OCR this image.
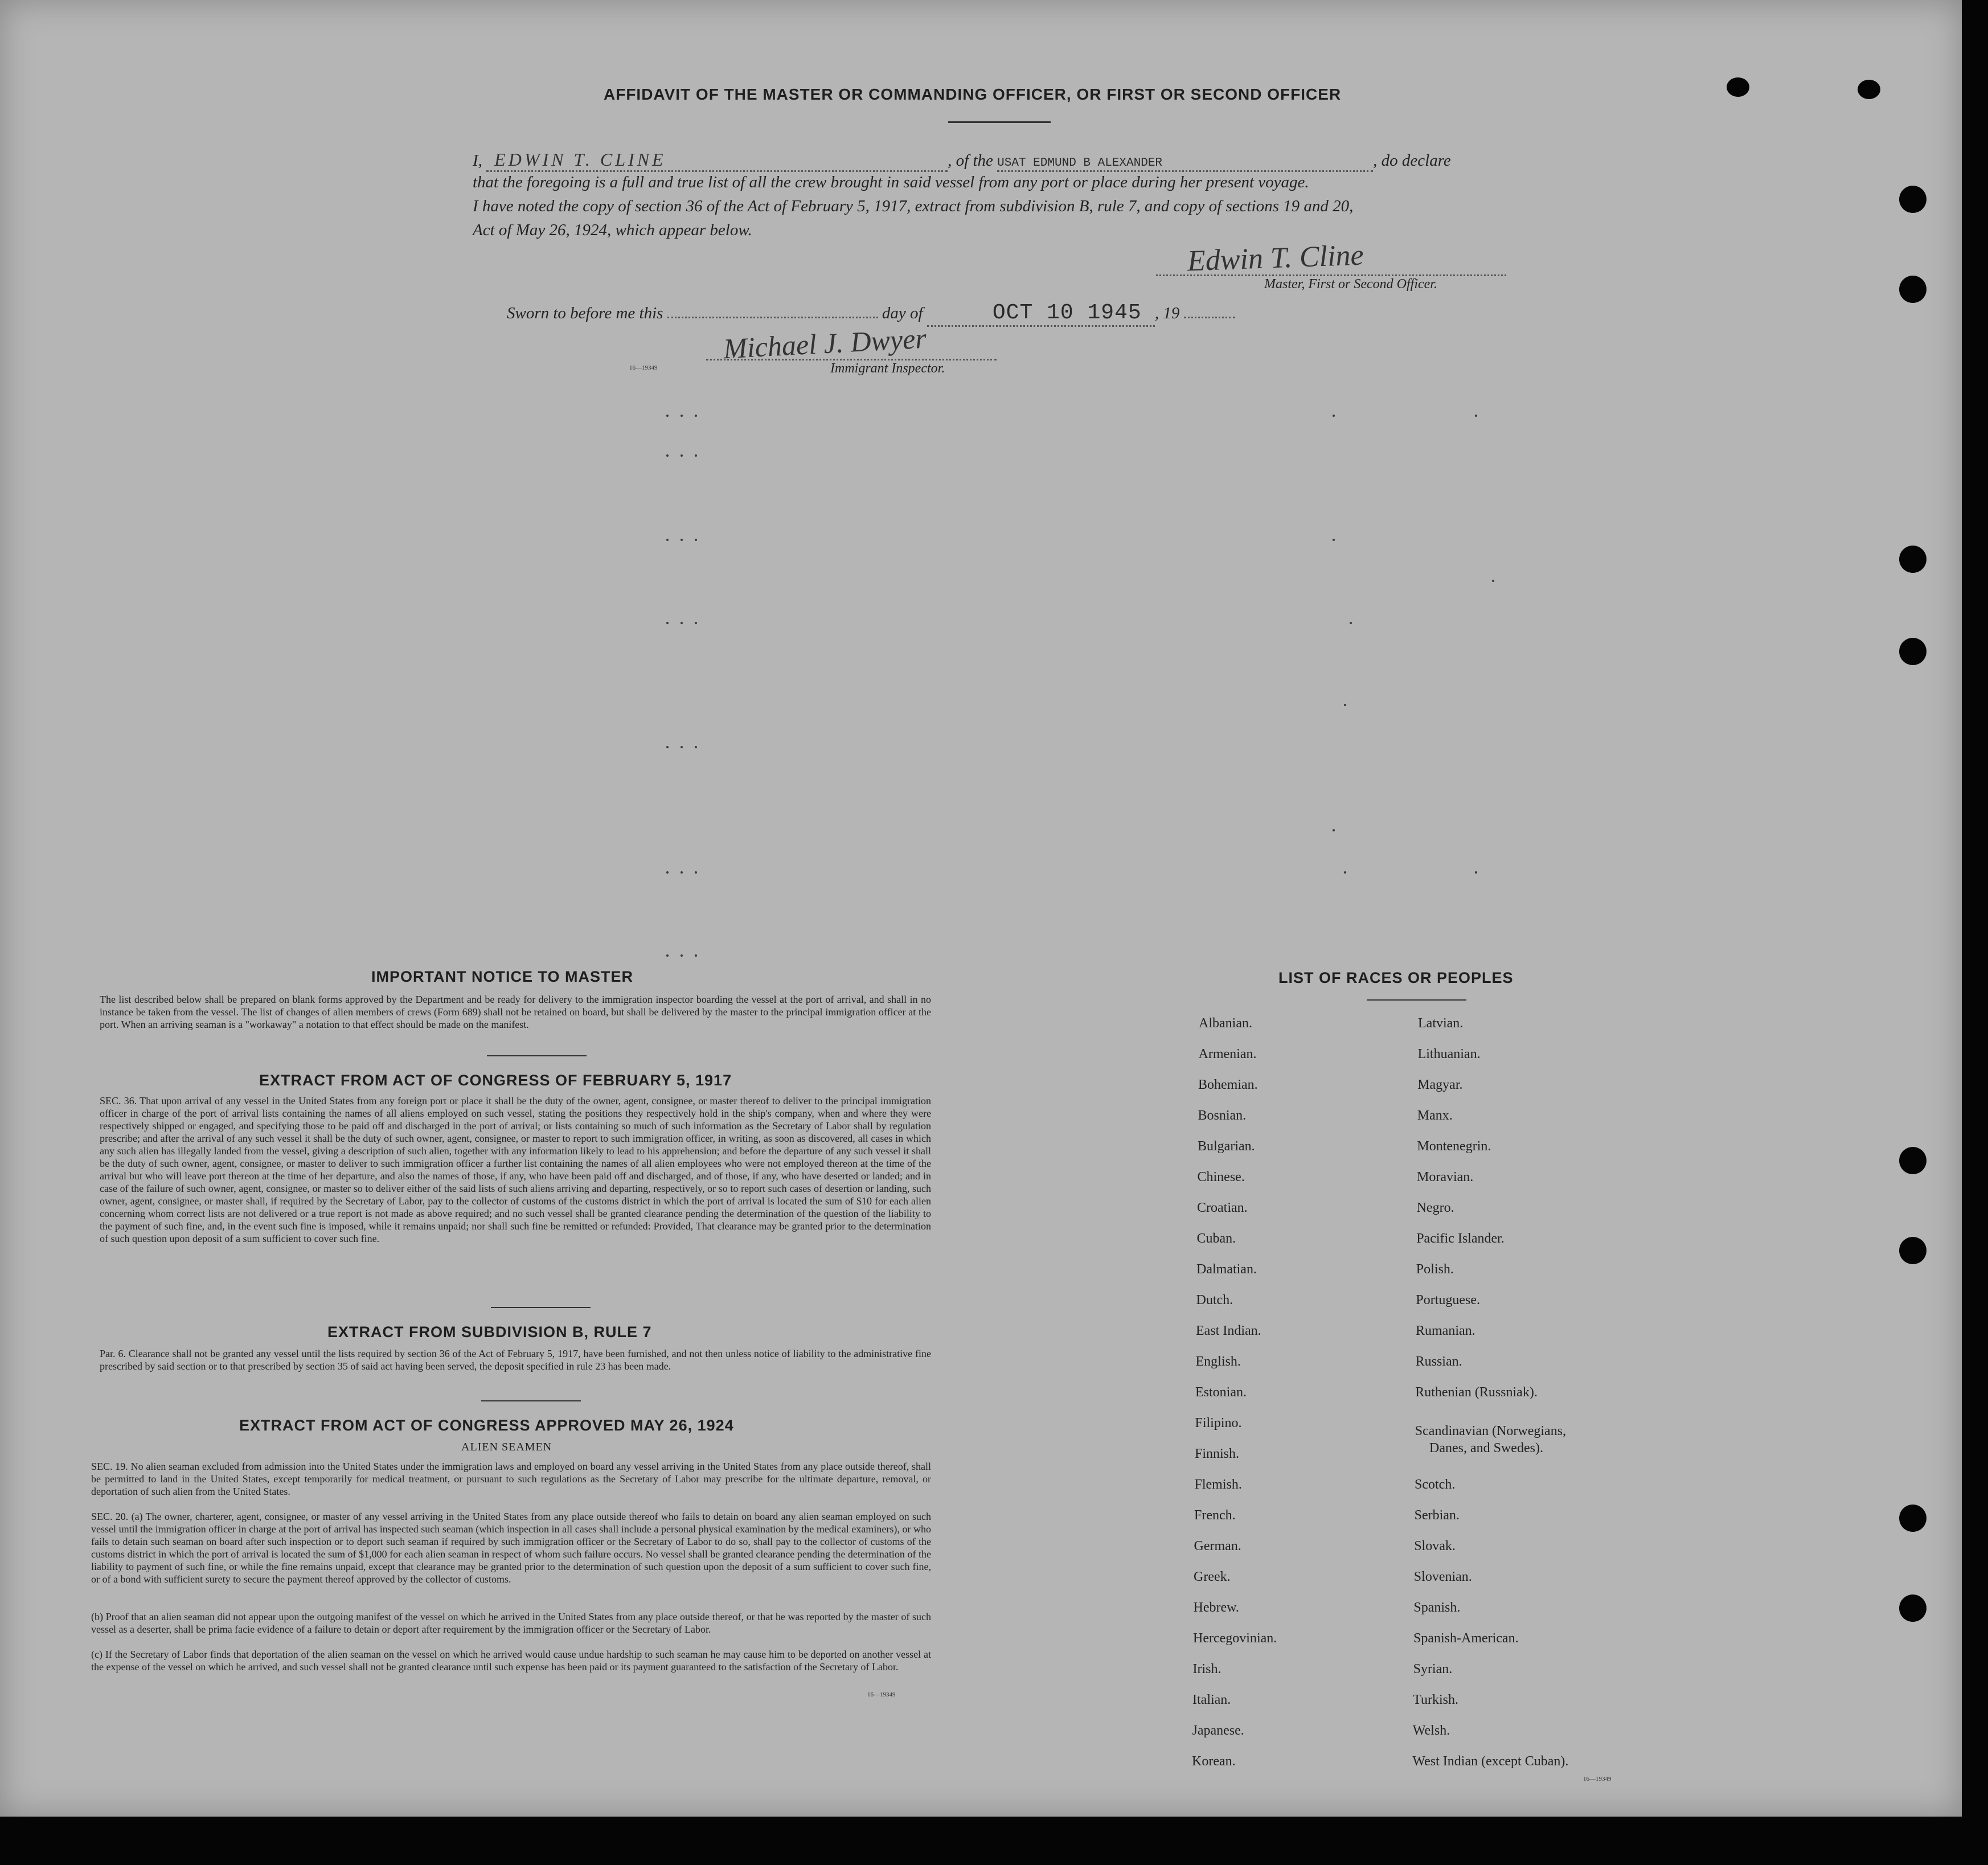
AFFIDAVIT OF THE MASTER OR COMMANDING OFFICER, OR FIRST OR SECOND OFFICER
I, EDWIN T. CLINE	, of the USAT EDMUND B ALEXANDER	, do declare
that the foregoing is a full and true list of all the crew brought in said vessel from any port or place during her present voyage.
I have noted the copy of section 36 of the Act of February 5, 1917, extract from subdivision B, rule 7, and copy of sections 19 and 20,
Act of May 26, 1924, which appear below.
Edwin T. Cline
Master, First or Second Officer.
Sworn to before me this	day of	OCT 10 1945 , 19
Michael J. Dwyer
16—19349	Immigrant Inspector.
IMPORTANT NOTICE TO MASTER
The list described below shall be prepared on blank forms approved by the Department and be ready for delivery to the immigration inspector boarding the vessel at the port of arrival, and shall in no instance be taken from the vessel. The list of changes of alien members of crews (Form 689) shall not be retained on board, but shall be delivered by the master to the principal immigration officer at the port. When an arriving seaman is a "workaway" a notation to that effect should be made on the manifest.
EXTRACT FROM ACT OF CONGRESS OF FEBRUARY 5, 1917
SEC. 36. That upon arrival of any vessel in the United States from any foreign port or place it shall be the duty of the owner, agent, consignee, or master thereof to deliver to the principal immigration officer in charge of the port of arrival lists containing the names of all aliens employed on such vessel, stating the positions they respectively hold in the ship's company, when and where they were respectively shipped or engaged, and specifying those to be paid off and discharged in the port of arrival; or lists containing so much of such information as the Secretary of Labor shall by regulation prescribe; and after the arrival of any such vessel it shall be the duty of such owner, agent, consignee, or master to report to such immigration officer, in writing, as soon as discovered, all cases in which any such alien has illegally landed from the vessel, giving a description of such alien, together with any information likely to lead to his apprehension; and before the departure of any such vessel it shall be the duty of such owner, agent, consignee, or master to deliver to such immigration officer a further list containing the names of all alien employees who were not employed thereon at the time of the arrival but who will leave port thereon at the time of her departure, and also the names of those, if any, who have been paid off and discharged, and of those, if any, who have deserted or landed; and in case of the failure of such owner, agent, consignee, or master so to deliver either of the said lists of such aliens arriving and departing, respectively, or so to report such cases of desertion or landing, such owner, agent, consignee, or master shall, if required by the Secretary of Labor, pay to the collector of customs of the customs district in which the port of arrival is located the sum of $10 for each alien concerning whom correct lists are not delivered or a true report is not made as above required; and no such vessel shall be granted clearance pending the determination of the question of the liability to the payment of such fine, and, in the event such fine is imposed, while it remains unpaid; nor shall such fine be remitted or refunded: Provided, That clearance may be granted prior to the determination of such question upon deposit of a sum sufficient to cover such fine.
EXTRACT FROM SUBDIVISION B, RULE 7
Par. 6. Clearance shall not be granted any vessel until the lists required by section 36 of the Act of February 5, 1917, have been furnished, and not then unless notice of liability to the administrative fine prescribed by said section or to that prescribed by section 35 of said act having been served, the deposit specified in rule 23 has been made.
EXTRACT FROM ACT OF CONGRESS APPROVED MAY 26, 1924
ALIEN SEAMEN
SEC. 19. No alien seaman excluded from admission into the United States under the immigration laws and employed on board any vessel arriving in the United States from any place outside thereof, shall be permitted to land in the United States, except temporarily for medical treatment, or pursuant to such regulations as the Secretary of Labor may prescribe for the ultimate departure, removal, or deportation of such alien from the United States.
SEC. 20. (a) The owner, charterer, agent, consignee, or master of any vessel arriving in the United States from any place outside thereof who fails to detain on board any alien seaman employed on such vessel until the immigration officer in charge at the port of arrival has inspected such seaman (which inspection in all cases shall include a personal physical examination by the medical examiners), or who fails to detain such seaman on board after such inspection or to deport such seaman if required by such immigration officer or the Secretary of Labor to do so, shall pay to the collector of customs of the customs district in which the port of arrival is located the sum of $1,000 for each alien seaman in respect of whom such failure occurs. No vessel shall be granted clearance pending the determination of the liability to payment of such fine, or while the fine remains unpaid, except that clearance may be granted prior to the determination of such question upon the deposit of a sum sufficient to cover such fine, or of a bond with sufficient surety to secure the payment thereof approved by the collector of customs.
(b) Proof that an alien seaman did not appear upon the outgoing manifest of the vessel on which he arrived in the United States from any place outside thereof, or that he was reported by the master of such vessel as a deserter, shall be prima facie evidence of a failure to detain or deport after requirement by the immigration officer or the Secretary of Labor.
(c) If the Secretary of Labor finds that deportation of the alien seaman on the vessel on which he arrived would cause undue hardship to such seaman he may cause him to be deported on another vessel at the expense of the vessel on which he arrived, and such vessel shall not be granted clearance until such expense has been paid or its payment guaranteed to the satisfaction of the Secretary of Labor.
16—19349
LIST OF RACES OR PEOPLES
16—19349
Albanian.
Armenian.
Bohemian.
Bosnian.
Bulgarian.
Chinese.
Croatian.
Cuban.
Dalmatian.
Dutch.
East Indian.
English.
Estonian.
Filipino.
Finnish.
Flemish.
French.
German.
Greek.
Hebrew.
Hercegovinian.
Irish.
Italian.
Japanese.
Korean.
Latvian.
Lithuanian.
Magyar.
Manx.
Montenegrin.
Moravian.
Negro.
Pacific Islander.
Polish.
Portuguese.
Rumanian.
Russian.
Ruthenian (Russniak).
Scandinavian (Norwegians,
Danes, and Swedes).
Scotch.
Serbian.
Slovak.
Slovenian.
Spanish.
Spanish-American.
Syrian.
Turkish.
Welsh.
West Indian (except Cuban).
